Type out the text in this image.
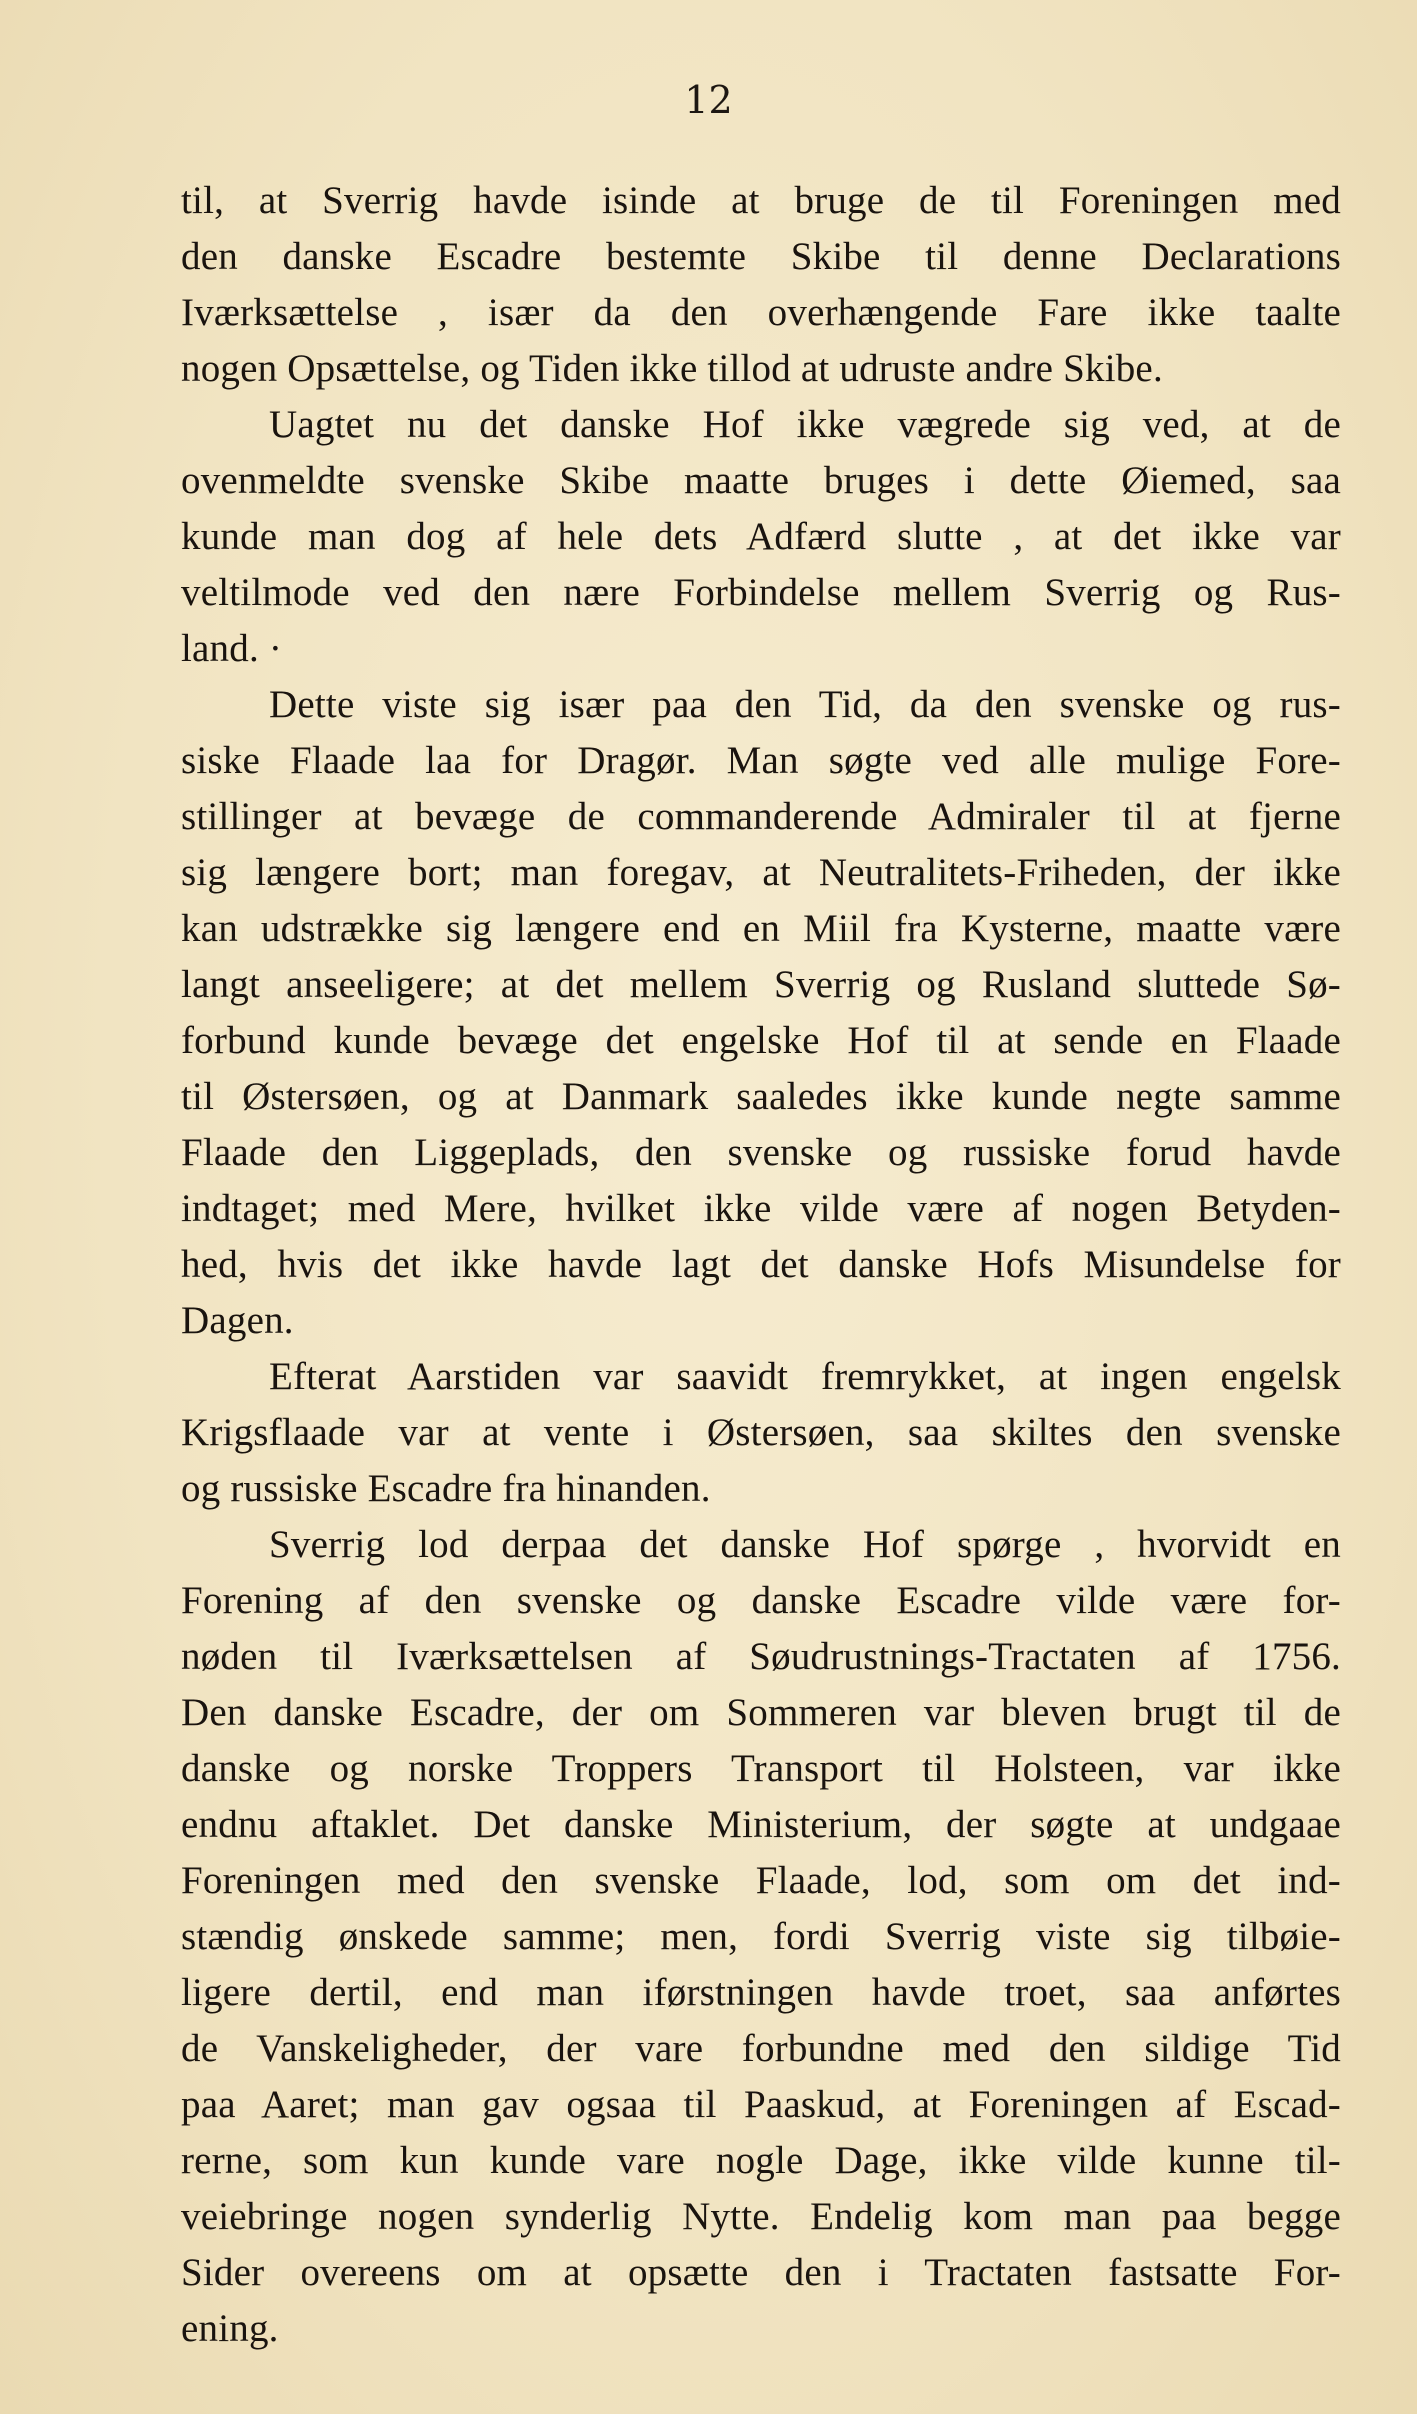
12
til, at Sverrig havde isinde at bruge de til Foreningen med
den danske Escadre bestemte Skibe til denne Declarations
Iværksættelse , især da den overhængende Fare ikke taalte
nogen Opsættelse, og Tiden ikke tillod at udruste andre Skibe.
Uagtet nu det danske Hof ikke vægrede sig ved, at de
ovenmeldte svenske Skibe maatte bruges i dette Øiemed, saa
kunde man dog af hele dets Adfærd slutte , at det ikke var
veltilmode ved den nære Forbindelse mellem Sverrig og Rus-
land. ·
Dette viste sig især paa den Tid, da den svenske og rus-
siske Flaade laa for Dragør. Man søgte ved alle mulige Fore-
stillinger at bevæge de commanderende Admiraler til at fjerne
sig længere bort; man foregav, at Neutralitets-Friheden, der ikke
kan udstrække sig længere end en Miil fra Kysterne, maatte være
langt anseeligere; at det mellem Sverrig og Rusland sluttede Sø-
forbund kunde bevæge det engelske Hof til at sende en Flaade
til Østersøen, og at Danmark saaledes ikke kunde negte samme
Flaade den Liggeplads, den svenske og russiske forud havde
indtaget; med Mere, hvilket ikke vilde være af nogen Betyden-
hed, hvis det ikke havde lagt det danske Hofs Misundelse for
Dagen.
Efterat Aarstiden var saavidt fremrykket, at ingen engelsk
Krigsflaade var at vente i Østersøen, saa skiltes den svenske
og russiske Escadre fra hinanden.
Sverrig lod derpaa det danske Hof spørge , hvorvidt en
Forening af den svenske og danske Escadre vilde være for-
nøden til Iværksættelsen af Søudrustnings-Tractaten af 1756.
Den danske Escadre, der om Sommeren var bleven brugt til de
danske og norske Troppers Transport til Holsteen, var ikke
endnu aftaklet. Det danske Ministerium, der søgte at undgaae
Foreningen med den svenske Flaade, lod, som om det ind-
stændig ønskede samme; men, fordi Sverrig viste sig tilbøie-
ligere dertil, end man iførstningen havde troet, saa anførtes
de Vanskeligheder, der vare forbundne med den sildige Tid
paa Aaret; man gav ogsaa til Paaskud, at Foreningen af Escad-
rerne, som kun kunde vare nogle Dage, ikke vilde kunne til-
veiebringe nogen synderlig Nytte. Endelig kom man paa begge
Sider overeens om at opsætte den i Tractaten fastsatte For-
ening.
